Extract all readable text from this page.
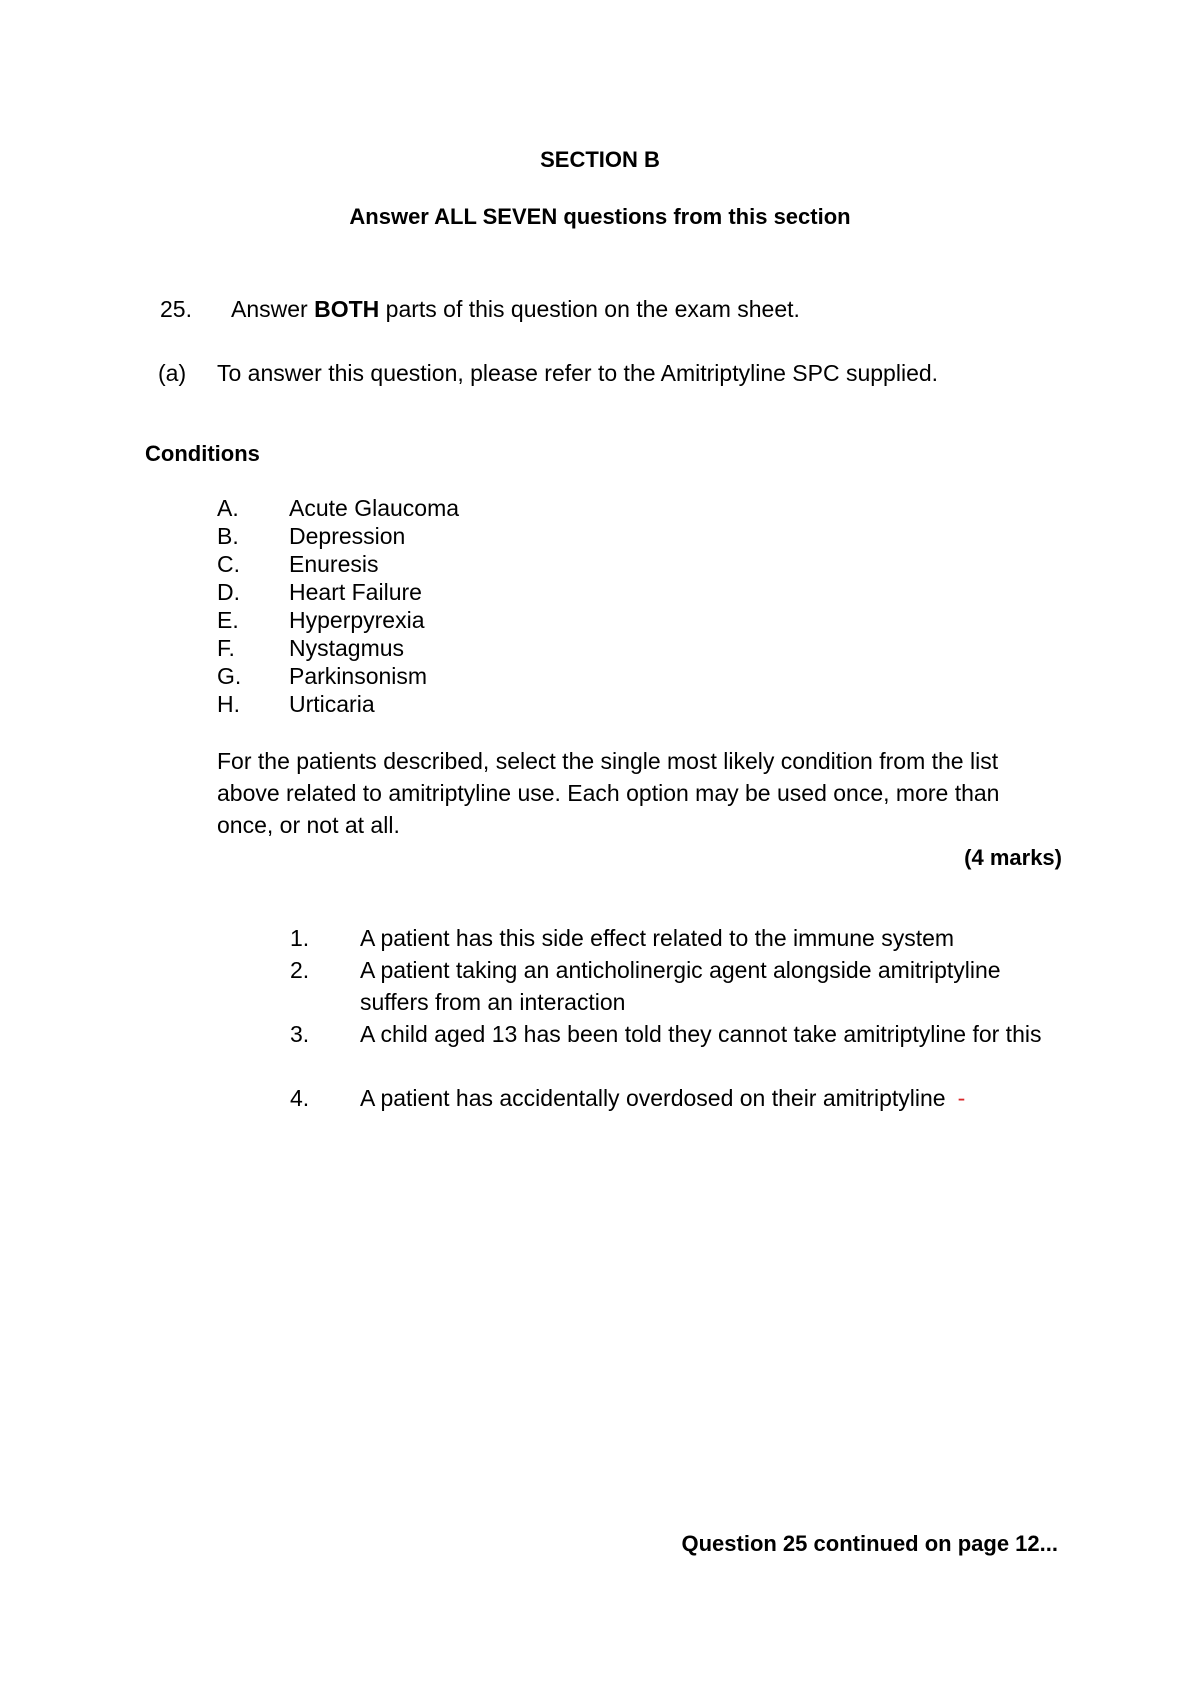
SECTION B
Answer ALL SEVEN questions from this section
25. Answer BOTH parts of this question on the exam sheet.
(a) To answer this question, please refer to the Amitriptyline SPC supplied.
Conditions
A. Acute Glaucoma
B. Depression
C. Enuresis
D. Heart Failure
E. Hyperpyrexia
F. Nystagmus
G. Parkinsonism
H. Urticaria
For the patients described, select the single most likely condition from the list above related to amitriptyline use. Each option may be used once, more than once, or not at all.
(4 marks)
1. A patient has this side effect related to the immune system
2. A patient taking an anticholinergic agent alongside amitriptyline suffers from an interaction
3. A child aged 13 has been told they cannot take amitriptyline for this
4. A patient has accidentally overdosed on their amitriptyline -
Question 25 continued on page 12...
